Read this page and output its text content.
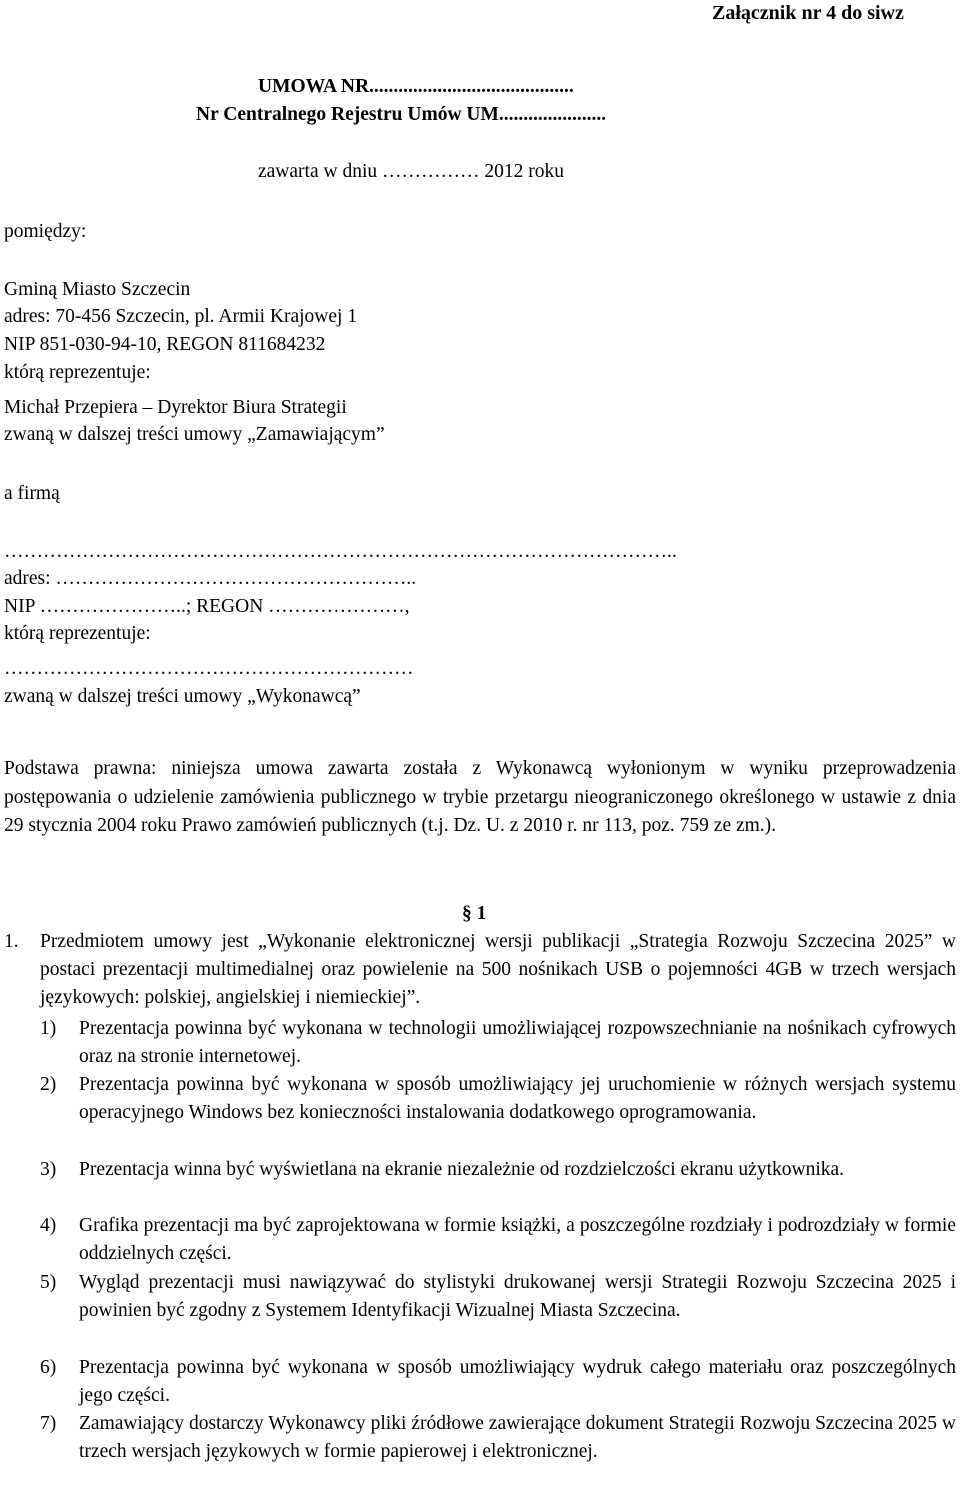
Załącznik nr 4 do siwz
UMOWA NR..........................................
Nr Centralnego Rejestru Umów UM......................
zawarta w dniu …………… 2012 roku
pomiędzy:
Gminą Miasto Szczecin
adres: 70-456 Szczecin, pl. Armii Krajowej 1
NIP 851-030-94-10, REGON 811684232
którą reprezentuje:
Michał Przepiera – Dyrektor Biura Strategii
zwaną w dalszej treści umowy „Zamawiającym”
a firmą
…………………………………………………………………………………………..
adres: ………………………………………………..
NIP …………………..; REGON …………………,
którą reprezentuje:
………………………………………………………
zwaną w dalszej treści umowy „Wykonawcą”
Podstawa prawna: niniejsza umowa zawarta została z Wykonawcą wyłonionym w wyniku przeprowadzenia postępowania o udzielenie zamówienia publicznego w trybie przetargu nieograniczonego określonego w ustawie z dnia 29 stycznia 2004 roku Prawo zamówień publicznych (t.j. Dz. U. z 2010 r. nr 113, poz. 759 ze zm.).
§ 1
1. Przedmiotem umowy jest „Wykonanie elektronicznej wersji publikacji „Strategia Rozwoju Szczecina 2025” w postaci prezentacji multimedialnej oraz powielenie na 500 nośnikach USB o pojemności 4GB w trzech wersjach językowych: polskiej, angielskiej i niemieckiej”.
1) Prezentacja powinna być wykonana w technologii umożliwiającej rozpowszechnianie na nośnikach cyfrowych oraz na stronie internetowej.
2) Prezentacja powinna być wykonana w sposób umożliwiający jej uruchomienie w różnych wersjach systemu operacyjnego Windows bez konieczności instalowania dodatkowego oprogramowania.
3) Prezentacja winna być wyświetlana na ekranie niezależnie od rozdzielczości ekranu użytkownika.
4) Grafika prezentacji ma być zaprojektowana w formie książki, a poszczególne rozdziały i podrozdziały w formie oddzielnych części.
5) Wygląd prezentacji musi nawiązywać do stylistyki drukowanej wersji Strategii Rozwoju Szczecina 2025 i powinien być zgodny z Systemem Identyfikacji Wizualnej Miasta Szczecina.
6) Prezentacja powinna być wykonana w sposób umożliwiający wydruk całego materiału oraz poszczególnych jego części.
7) Zamawiający dostarczy Wykonawcy pliki źródłowe zawierające dokument Strategii Rozwoju Szczecina 2025 w trzech wersjach językowych w formie papierowej i elektronicznej.
